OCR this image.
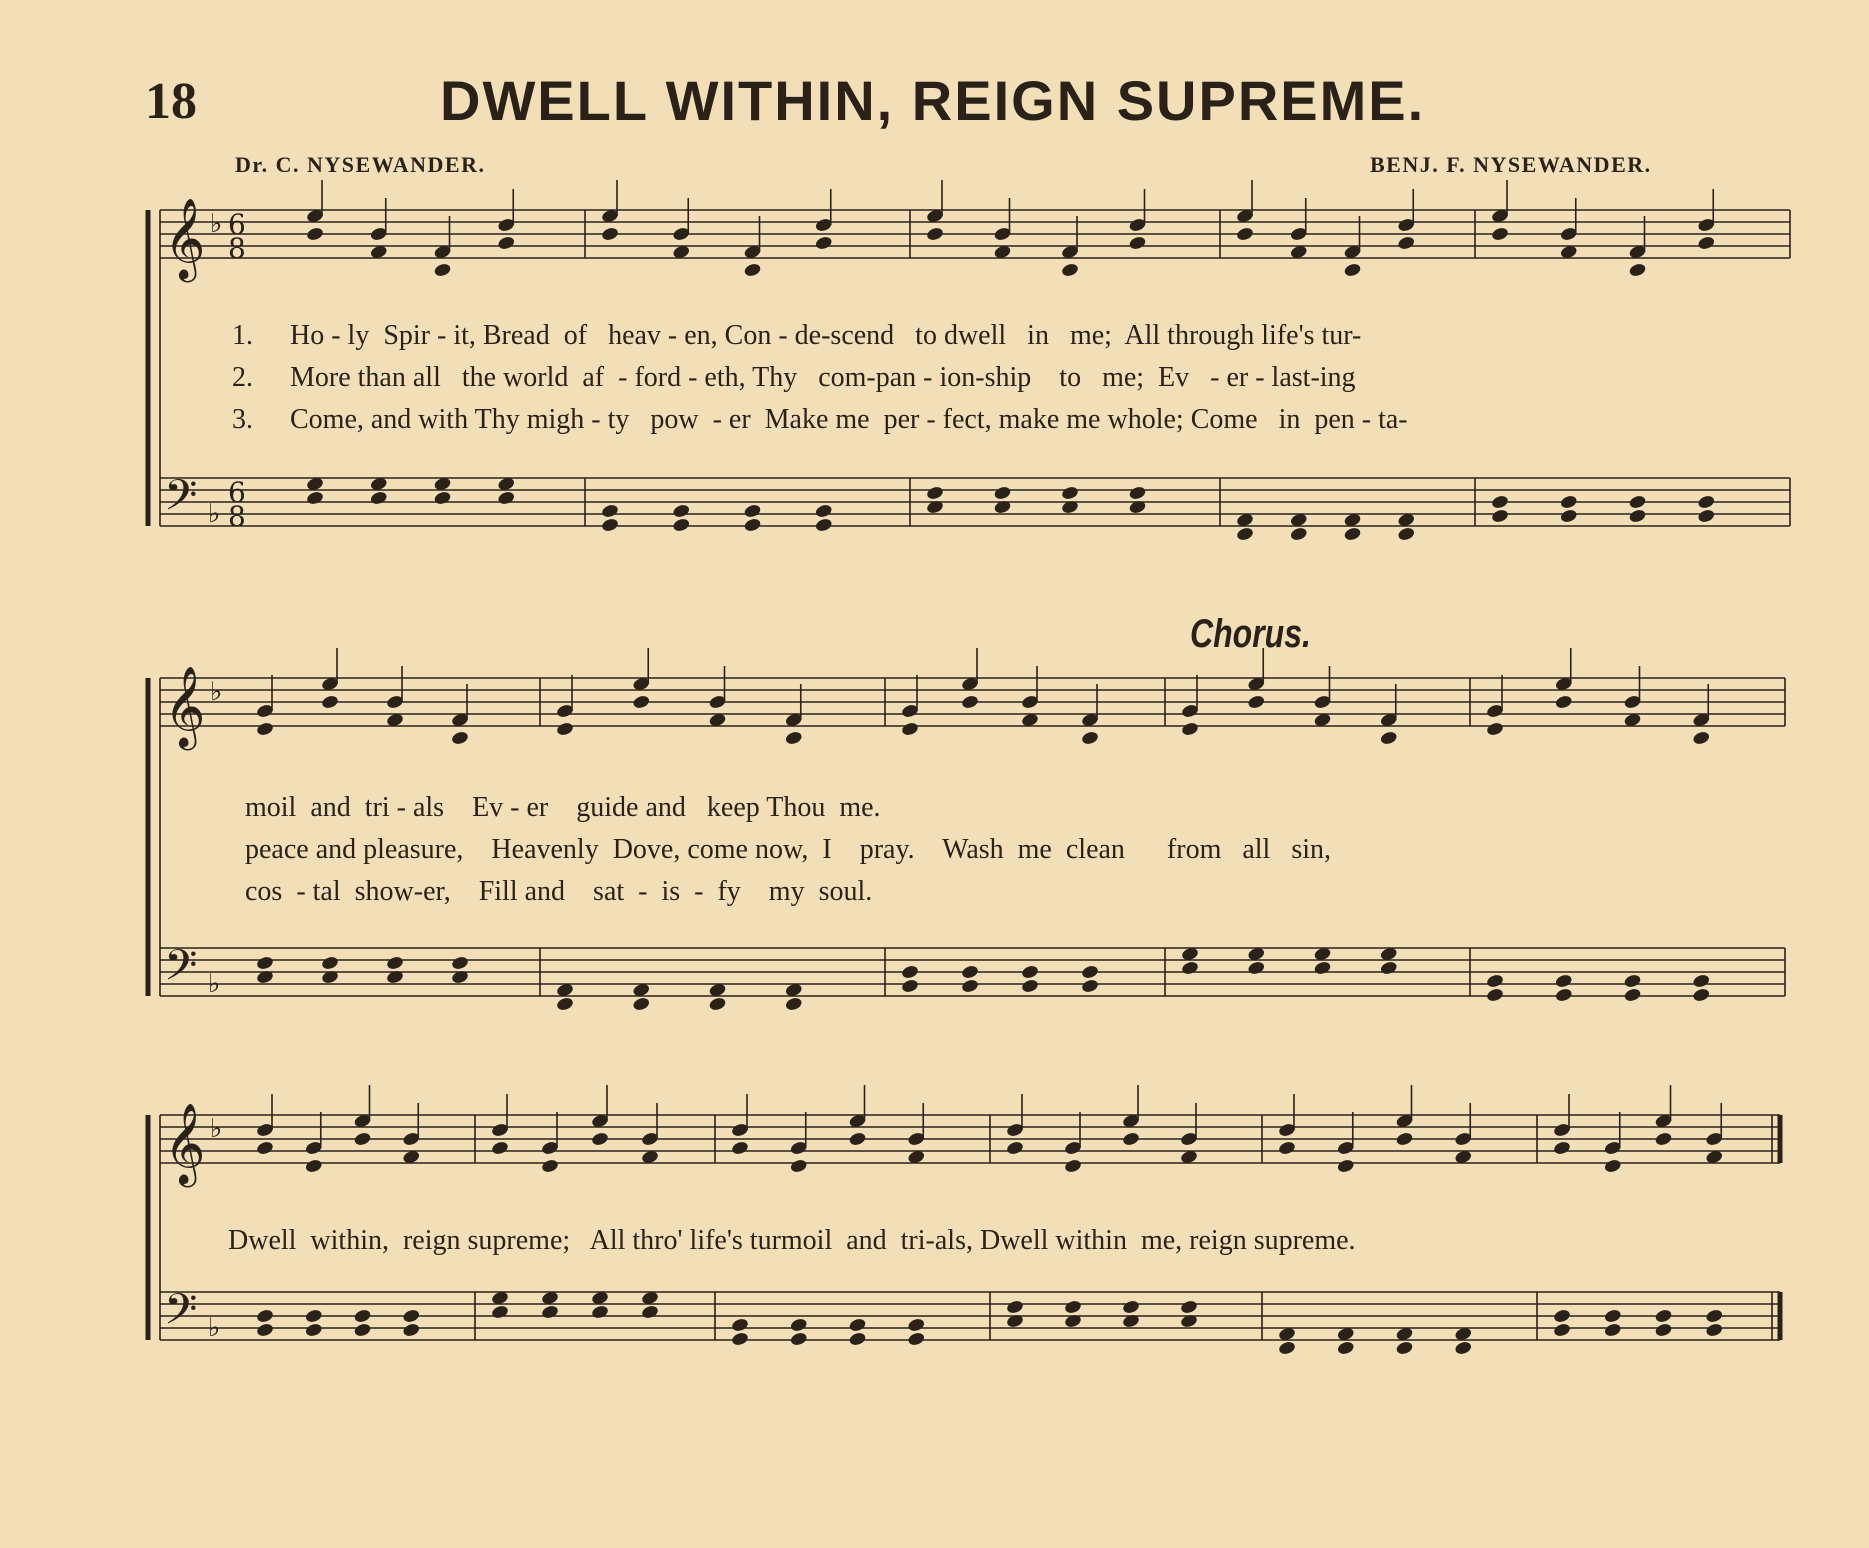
18	DWELL WITHIN, REIGN SUPREME.
Dr. C. NYSEWANDER.	BENJ. F. NYSEWANDER.
𝄞
𝄢
♭
♭
6
8
6
8
𝄞
𝄢
♭
♭
𝄞
𝄢
♭
♭
Chorus.
1. Ho - ly  Spir - it, Bread  of   heav - en, Con - de-scend   to dwell   in   me;  All through life's tur-
2. More than all   the world  af  - ford - eth, Thy   com-pan - ion-ship    to   me;  Ev   - er - last-ing
3. Come, and with Thy migh - ty   pow  - er  Make me  per - fect, make me whole; Come   in  pen - ta-
moil  and  tri - als    Ev - er    guide and   keep Thou  me.
peace and pleasure,    Heavenly  Dove, come now,  I    pray.    Wash  me  clean      from   all   sin,
cos  - tal  show-er,    Fill and    sat  -  is  -  fy    my  soul.
Dwell  within,  reign supreme;   All thro' life's turmoil  and  tri-als, Dwell within  me, reign supreme.
